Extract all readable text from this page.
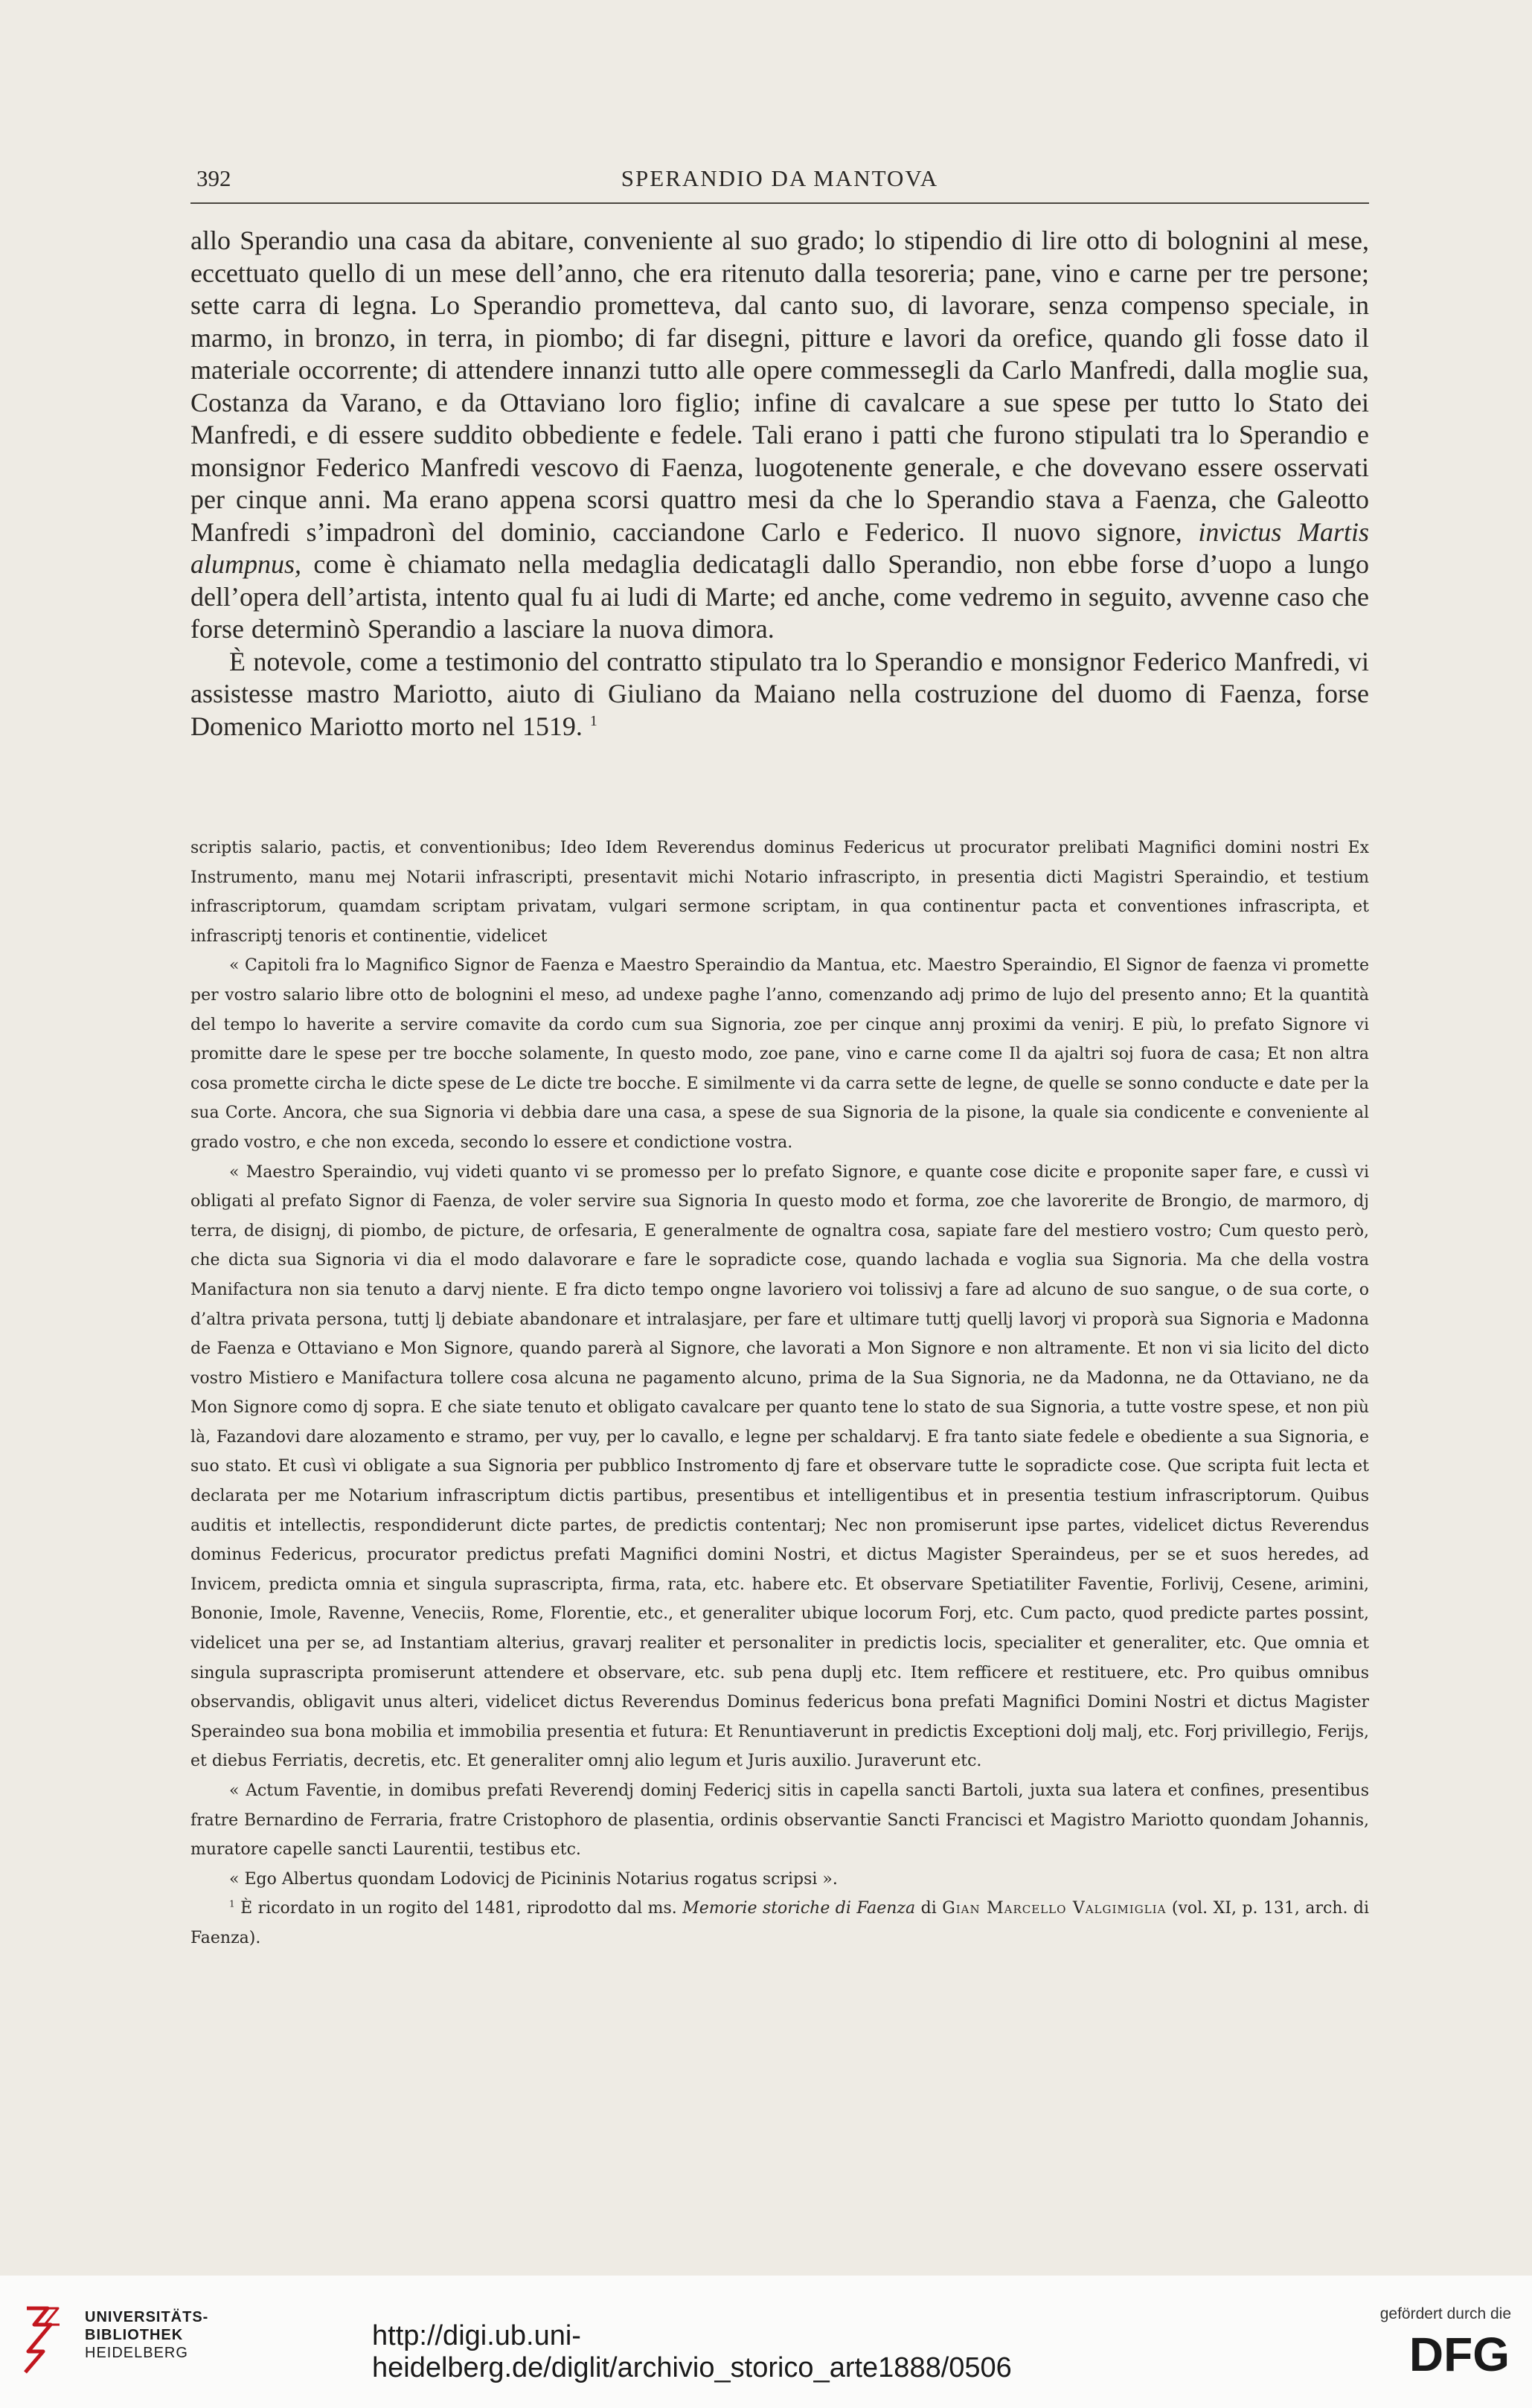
392	SPERANDIO DA MANTOVA

allo Sperandio una casa da abitare, conveniente al suo grado; lo stipendio di lire otto di bolognini al mese, eccettuato quello di un mese dell’anno, che era ritenuto dalla tesoreria; pane, vino e carne per tre persone; sette carra di legna. Lo Sperandio prometteva, dal canto suo, di lavorare, senza compenso speciale, in marmo, in bronzo, in terra, in piombo; di far disegni, pitture e lavori da orefice, quando gli fosse dato il materiale occorrente; di attendere innanzi tutto alle opere commessegli da Carlo Manfredi, dalla moglie sua, Costanza da Varano, e da Ottaviano loro figlio; infine di cavalcare a sue spese per tutto lo Stato dei Manfredi, e di essere suddito obbediente e fedele. Tali erano i patti che furono stipulati tra lo Sperandio e monsignor Federico Manfredi vescovo di Faenza, luogotenente generale, e che dovevano essere osservati per cinque anni. Ma erano appena scorsi quattro mesi da che lo Sperandio stava a Faenza, che Galeotto Manfredi s’impadronì del dominio, cacciandone Carlo e Federico. Il nuovo signore, invictus Martis alumpnus, come è chiamato nella medaglia dedicatagli dallo Sperandio, non ebbe forse d’uopo a lungo dell’opera dell’artista, intento qual fu ai ludi di Marte; ed anche, come vedremo in seguito, avvenne caso che forse determinò Sperandio a lasciare la nuova dimora.

È notevole, come a testimonio del contratto stipulato tra lo Sperandio e monsignor Federico Manfredi, vi assistesse mastro Mariotto, aiuto di Giuliano da Maiano nella costruzione del duomo di Faenza, forse Domenico Mariotto morto nel 1519. $^1$

scriptis salario, pactis, et conventionibus; Ideo Idem Reverendus dominus Federicus ut procurator prelibati Magnifici domini nostri Ex Instrumento, manu mej Notarii infrascripti, presentavit michi Notario infrascripto, in presentia dicti Magistri Speraindio, et testium infrascriptorum, quamdam scriptam privatam, vulgari sermone scriptam, in qua continentur pacta et conventiones infrascripta, et infrascriptj tenoris et continentie, videlicet

« Capitoli fra lo Magnifico Signor de Faenza e Maestro Speraindio da Mantua, etc. Maestro Speraindio, El Signor de faenza vi promette per vostro salario libre otto de bolognini el meso, ad undexe paghe l’anno, comenzando adj primo de lujo del presento anno; Et la quantità del tempo lo haverite a servire comavite da cordo cum sua Signoria, zoe per cinque annj proximi da venirj. E più, lo prefato Signore vi promitte dare le spese per tre bocche solamente, In questo modo, zoe pane, vino e carne come Il da ajaltri soj fuora de casa; Et non altra cosa promette circha le dicte spese de Le dicte tre bocche. E similmente vi da carra sette de legne, de quelle se sonno conducte e date per la sua Corte. Ancora, che sua Signoria vi debbia dare una casa, a spese de sua Signoria de la pisone, la quale sia condicente e conveniente al grado vostro, e che non exceda, secondo lo essere et condictione vostra.

« Maestro Speraindio, vuj videti quanto vi se promesso per lo prefato Signore, e quante cose dicite e proponite saper fare, e cussì vi obligati al prefato Signor di Faenza, de voler servire sua Signoria In questo modo et forma, zoe che lavorerite de Brongio, de marmoro, dj terra, de disignj, di piombo, de picture, de orfesaria, E generalmente de ognaltra cosa, sapiate fare del mestiero vostro; Cum questo però, che dicta sua Signoria vi dia el modo dalavorare e fare le sopradicte cose, quando lachada e voglia sua Signoria. Ma che della vostra Manifactura non sia tenuto a darvj niente. E fra dicto tempo ongne lavoriero voi tolissivj a fare ad alcuno de suo sangue, o de sua corte, o d’altra privata persona, tuttj lj debiate abandonare et intralasjare, per fare et ultimare tuttj quellj lavorj vi proporà sua Signoria e Madonna de Faenza e Ottaviano e Mon Signore, quando parerà al Signore, che lavorati a Mon Signore e non altramente. Et non vi sia licito del dicto vostro Mistiero e Manifactura tollere cosa alcuna ne pagamento alcuno, prima de la Sua Signoria, ne da Madonna, ne da Ottaviano, ne da Mon Signore como dj sopra. E che siate tenuto et obligato cavalcare per quanto tene lo stato de sua Signoria, a tutte vostre spese, et non più là, Fazandovi dare alozamento e stramo, per vuy, per lo cavallo, e legne per schaldarvj. E fra tanto siate fedele e obediente a sua Signoria, e suo stato. Et cusì vi obligate a sua Signoria per pubblico Instromento dj fare et observare tutte le sopradicte cose. Que scripta fuit lecta et declarata per me Notarium infrascriptum dictis partibus, presentibus et intelligentibus et in presentia testium infrascriptorum. Quibus auditis et intellectis, respondiderunt dicte partes, de predictis contentarj; Nec non promiserunt ipse partes, videlicet dictus Reverendus dominus Federicus, procurator predictus prefati Magnifici domini Nostri, et dictus Magister Speraindeus, per se et suos heredes, ad Invicem, predicta omnia et singula suprascripta, firma, rata, etc. habere etc. Et observare Spetiatiliter Faventie, Forlivij, Cesene, arimini, Bononie, Imole, Ravenne, Veneciis, Rome, Florentie, etc., et generaliter ubique locorum Forj, etc. Cum pacto, quod predicte partes possint, videlicet una per se, ad Instantiam alterius, gravarj realiter et personaliter in predictis locis, specialiter et generaliter, etc. Que omnia et singula suprascripta promiserunt attendere et observare, etc. sub pena duplj etc. Item refficere et restituere, etc. Pro quibus omnibus observandis, obligavit unus alteri, videlicet dictus Reverendus Dominus federicus bona prefati Magnifici Domini Nostri et dictus Magister Speraindeo sua bona mobilia et immobilia presentia et futura: Et Renuntiaverunt in predictis Exceptioni dolj malj, etc. Forj privillegio, Ferijs, et diebus Ferriatis, decretis, etc. Et generaliter omnj alio legum et Juris auxilio. Juraverunt etc.

« Actum Faventie, in domibus prefati Reverendj dominj Federicj sitis in capella sancti Bartoli, juxta sua latera et confines, presentibus fratre Bernardino de Ferraria, fratre Cristophoro de plasentia, ordinis observantie Sancti Francisci et Magistro Mariotto quondam Johannis, muratore capelle sancti Laurentii, testibus etc.

« Ego Albertus quondam Lodovicj de Picininis Notarius rogatus scripsi ».

$^1$ È ricordato in un rogito del 1481, riprodotto dal ms. Memorie storiche di Faenza di Gian Marcello Valgimiglia (vol. XI, p. 131, arch. di Faenza).

UNIVERSITÄTS-
BIBLIOTHEK
HEIDELBERG
http://digi.ub.uni-heidelberg.de/diglit/archivio_storico_arte1888/0506
gefördert durch die
DFG
